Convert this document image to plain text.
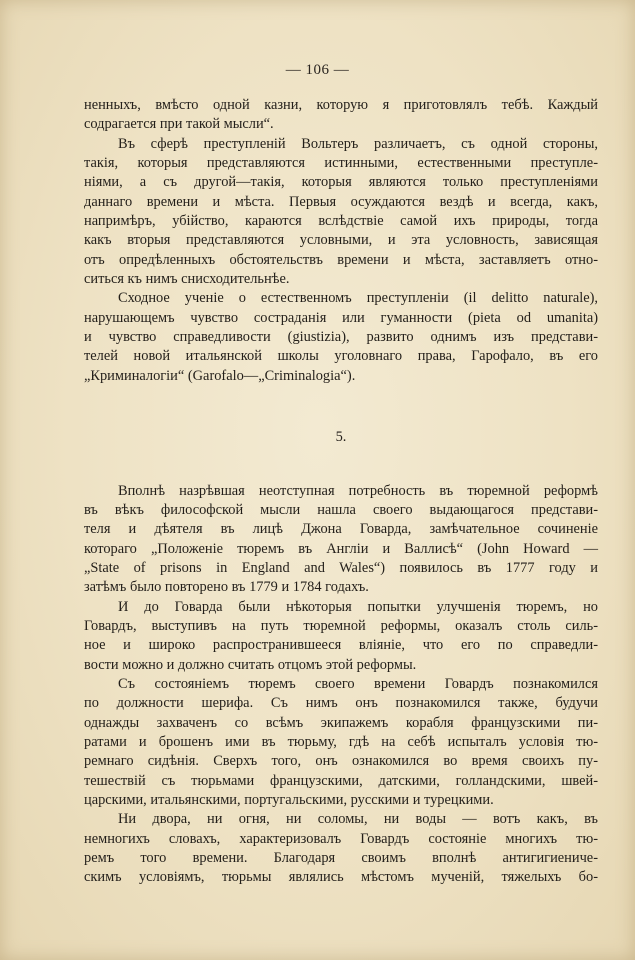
— 106 —
ненныхъ, вмѣсто одной казни, которую я приготовлялъ тебѣ. Каждый
содрагается при такой мысли“.
Въ сферѣ преступленій Вольтеръ различаетъ, съ одной стороны,
такія, которыя представляются истинными, естественными преступле-
ніями, а съ другой—такія, которыя являются только преступленіями
даннаго времени и мѣста. Первыя осуждаются вездѣ и всегда, какъ,
напримѣръ, убійство, караются вслѣдствіе самой ихъ природы, тогда
какъ вторыя представляются условными, и эта условность, зависящая
отъ опредѣленныхъ обстоятельствъ времени и мѣста, заставляетъ отно-
ситься къ нимъ снисходительнѣе.
Сходное ученіе о естественномъ преступленіи (il delitto naturale),
нарушающемъ чувство состраданія или гуманности (pieta od umanita)
и чувство справедливости (giustizia), развито однимъ изъ представи-
телей новой итальянской школы уголовнаго права, Гарофало, въ его
„Криминалогіи“ (Garofalo—„Criminalogia“).
5.
Вполнѣ назрѣвшая неотступная потребность въ тюремной реформѣ
въ вѣкъ философской мысли нашла своего выдающагося представи-
теля и дѣятеля въ лицѣ Джона Говарда, замѣчательное сочиненіе
котораго „Положеніе тюремъ въ Англіи и Валлисѣ“ (John Howard —
„State of prisons in England and Wales“) появилось въ 1777 году и
затѣмъ было повторено въ 1779 и 1784 годахъ.
И до Говарда были нѣкоторыя попытки улучшенія тюремъ, но
Говардъ, выступивъ на путь тюремной реформы, оказалъ столь силь-
ное и широко распространившееся вліяніе, что его по справедли-
вости можно и должно считать отцомъ этой реформы.
Съ состояніемъ тюремъ своего времени Говардъ познакомился
по должности шерифа. Съ нимъ онъ познакомился также, будучи
однажды захваченъ со всѣмъ экипажемъ корабля французскими пи-
ратами и брошенъ ими въ тюрьму, гдѣ на себѣ испыталъ условія тю-
ремнаго сидѣнія. Сверхъ того, онъ ознакомился во время своихъ пу-
тешествій съ тюрьмами французскими, датскими, голландскими, швей-
царскими, итальянскими, португальскими, русскими и турецкими.
Ни двора, ни огня, ни соломы, ни воды — вотъ какъ, въ
немногихъ словахъ, характеризовалъ Говардъ состояніе многихъ тю-
ремъ того времени. Благодаря своимъ вполнѣ антигигиеничe-
скимъ условіямъ, тюрьмы являлись мѣстомъ мученій, тяжелыхъ бо-
